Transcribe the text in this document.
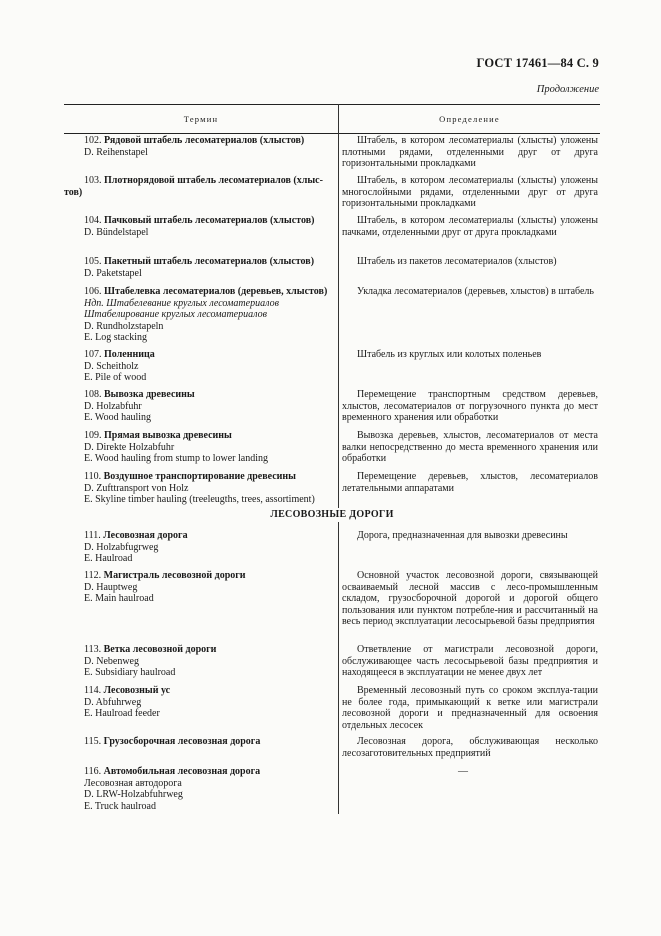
ГОСТ 17461—84 С. 9
Продолжение
Термин	Определение
102. Рядовой штабель лесоматериалов (хлыстов)
D. Reihenstapel
Штабель, в котором лесоматериалы (хлысты) уложены плотными рядами, отделенными друг от друга горизонтальными прокладками
103. Плотнорядовой штабель лесоматериалов (хлыс-
тов)
Штабель, в котором лесоматериалы (хлысты) уложены многослойными рядами, отделенными друг от друга горизонтальными прокладками
104. Пачковый штабель лесоматериалов (хлыстов)
D. Bündelstapel
Штабель, в котором лесоматериалы (хлысты) уложены пачками, отделенными друг от друга прокладками
105. Пакетный штабель лесоматериалов (хлыстов)
D. Paketstapel
Штабель из пакетов лесоматериалов (хлыстов)
106. Штабелевка лесоматериалов (деревьев, хлыстов)
Ндп. Штабелевание круглых лесоматериалов
Штабелирование круглых лесоматериалов
D. Rundholzstapeln
E. Log stacking
Укладка лесоматериалов (деревьев, хлыстов) в штабель
107. Поленница
D. Scheitholz
E. Pile of wood
Штабель из круглых или колотых поленьев
108. Вывозка древесины
D. Holzabfuhr
E. Wood hauling
Перемещение транспортным средством деревьев, хлыстов, лесоматериалов от погрузочного пункта до мест временного хранения или обработки
109. Прямая вывозка древесины
D. Direkte Holzabfuhr
E. Wood hauling from stump to lower landing
Вывозка деревьев, хлыстов, лесоматериалов от места валки непосредственно до места временного хранения или обработки
110. Воздушное транспортирование древесины
D. Zufttransport von Holz
E. Skyline timber hauling (treeleugths, trees, assortiment)
Перемещение деревьев, хлыстов, лесоматериалов летательными аппаратами
ЛЕСОВОЗНЫЕ ДОРОГИ
111. Лесовозная дорога
D. Holzabfugrweg
E. Haulroad
Дорога, предназначенная для вывозки древесины
112. Магистраль лесовозной дороги
D. Hauptweg
E. Main haulroad
Основной участок лесовозной дороги, связывающей осваиваемый лесной массив с лесо-промышленным складом, грузосборочной дорогой и дорогой общего пользования или пунктом потребле-ния и рассчитанный на весь период эксплуатации лесосырьевой базы предприятия
113. Ветка лесовозной дороги
D. Nebenweg
E. Subsidiary haulroad
Ответвление от магистрали лесовозной дороги, обслуживающее часть лесосырьевой базы предприятия и находящееся в эксплуатации не менее двух лет
114. Лесовозный ус
D. Abfuhrweg
E. Haulroad feeder
Временный лесовозный путь со сроком эксплуа-тации не более года, примыкающий к ветке или магистрали лесовозной дороги и предназначенный для освоения отдельных лесосек
115. Грузосборочная лесовозная дорога	Лесовозная дорога, обслуживающая несколько лесозаготовительных предприятий
116. Автомобильная лесовозная дорога
Лесовозная автодорога
D. LRW-Holzabfuhrweg
E. Truck haulroad
—
